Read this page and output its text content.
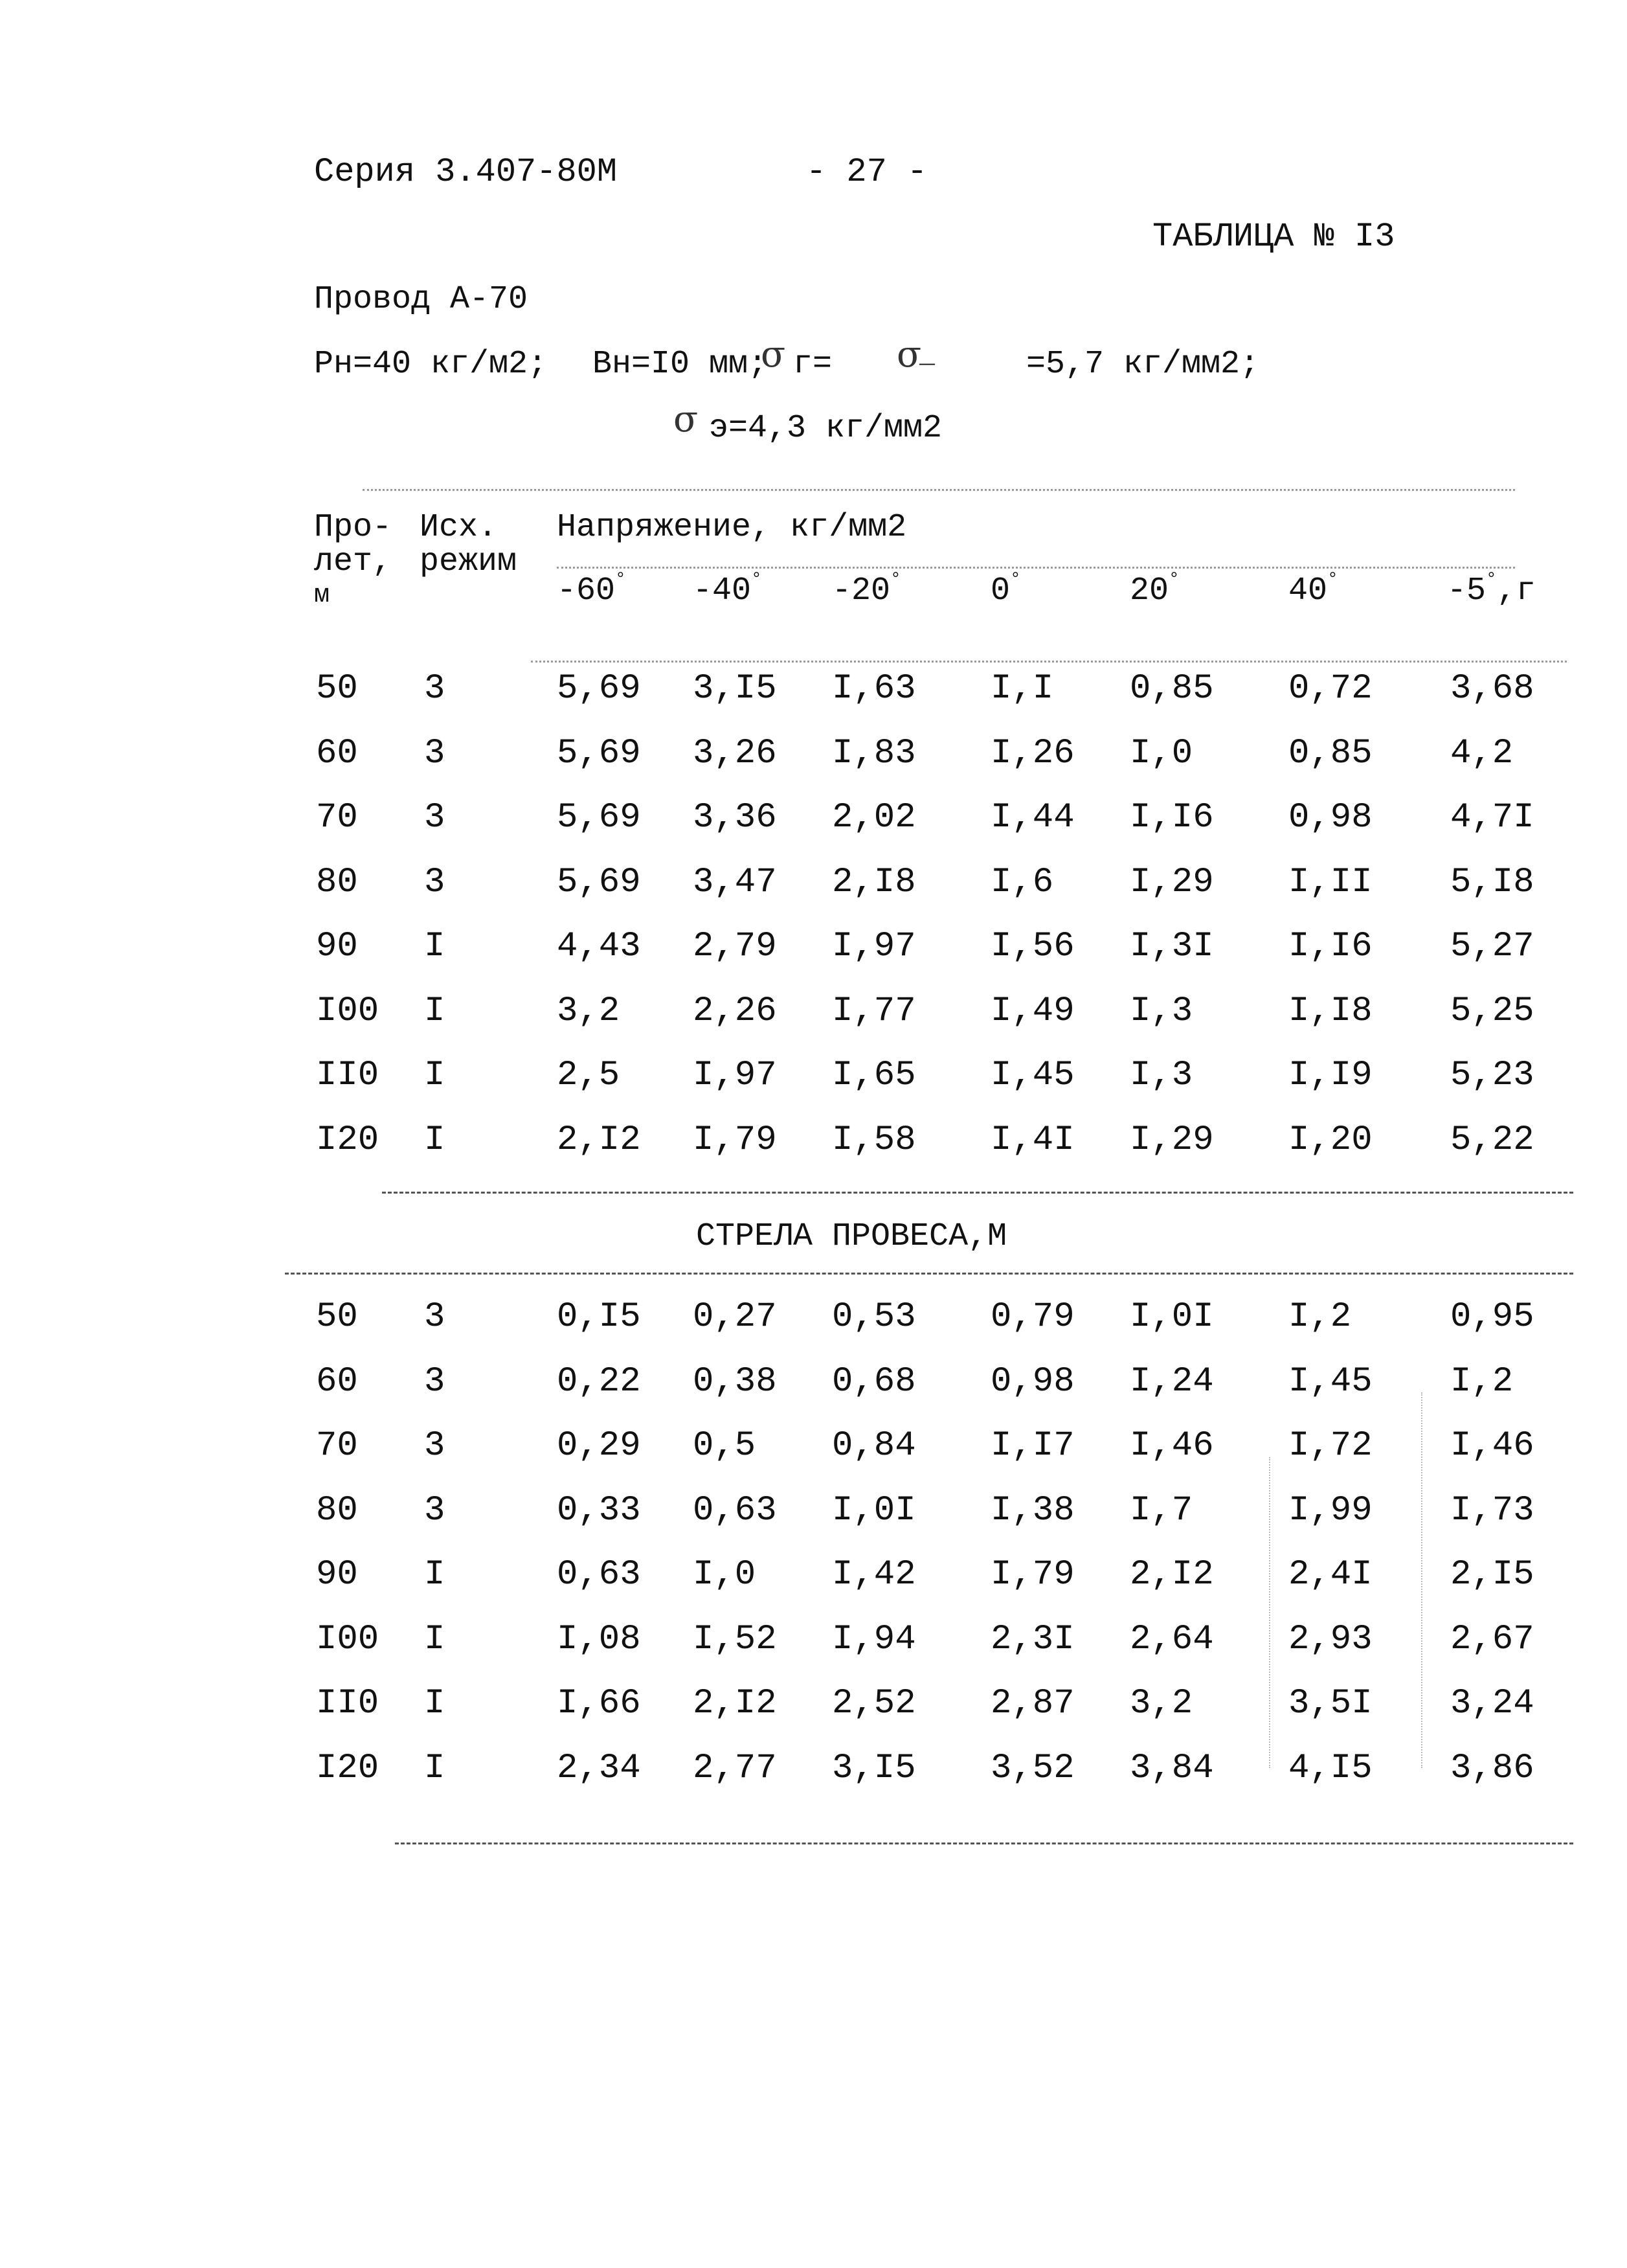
Серия 3.407-80М	- 27 -
ТАБЛИЦА № I3
Провод А-70
Рн=40 кг/м2; Вн=I0 мм;
σ г= σ
_	=5,7 кг/мм2;
σ э=4,3 кг/мм2
Про-
лет,
м
Исх.
режим
Напряжение, кг/мм2
-60° -40° -20°	0°	20°	40°	-5°,г
50 3	5,69 3,I5 I,63 I,I 0,85 0,72 3,68
60 3	5,69 3,26 I,83 I,26 I,0	0,85 4,2
70 3	5,69 3,36 2,02 I,44 I,I6 0,98 4,7I
80 3	5,69 3,47 2,I8 I,6 I,29 I,II 5,I8
90 I	4,43 2,79 I,97 I,56 I,3I I,I6 5,27
I00 I	3,2 2,26 I,77 I,49 I,3	I,I8 5,25
II0 I	2,5 I,97 I,65 I,45 I,3	I,I9 5,23
I20 I	2,I2 I,79 I,58 I,4I I,29 I,20 5,22
СТРЕЛА ПРОВЕСА,М
50 3	0,I5 0,27 0,53 0,79 I,0I I,2	0,95
60 3	0,22 0,38 0,68 0,98 I,24 I,45 I,2
70 3	0,29 0,5 0,84 I,I7 I,46 I,72 I,46
80 3	0,33 0,63 I,0I I,38 I,7	I,99 I,73
90 I	0,63 I,0 I,42 I,79 2,I2 2,4I 2,I5
I00 I	I,08 I,52 I,94 2,3I 2,64 2,93 2,67
II0 I	I,66 2,I2 2,52 2,87 3,2	3,5I 3,24
I20 I	2,34 2,77 3,I5 3,52 3,84 4,I5 3,86
